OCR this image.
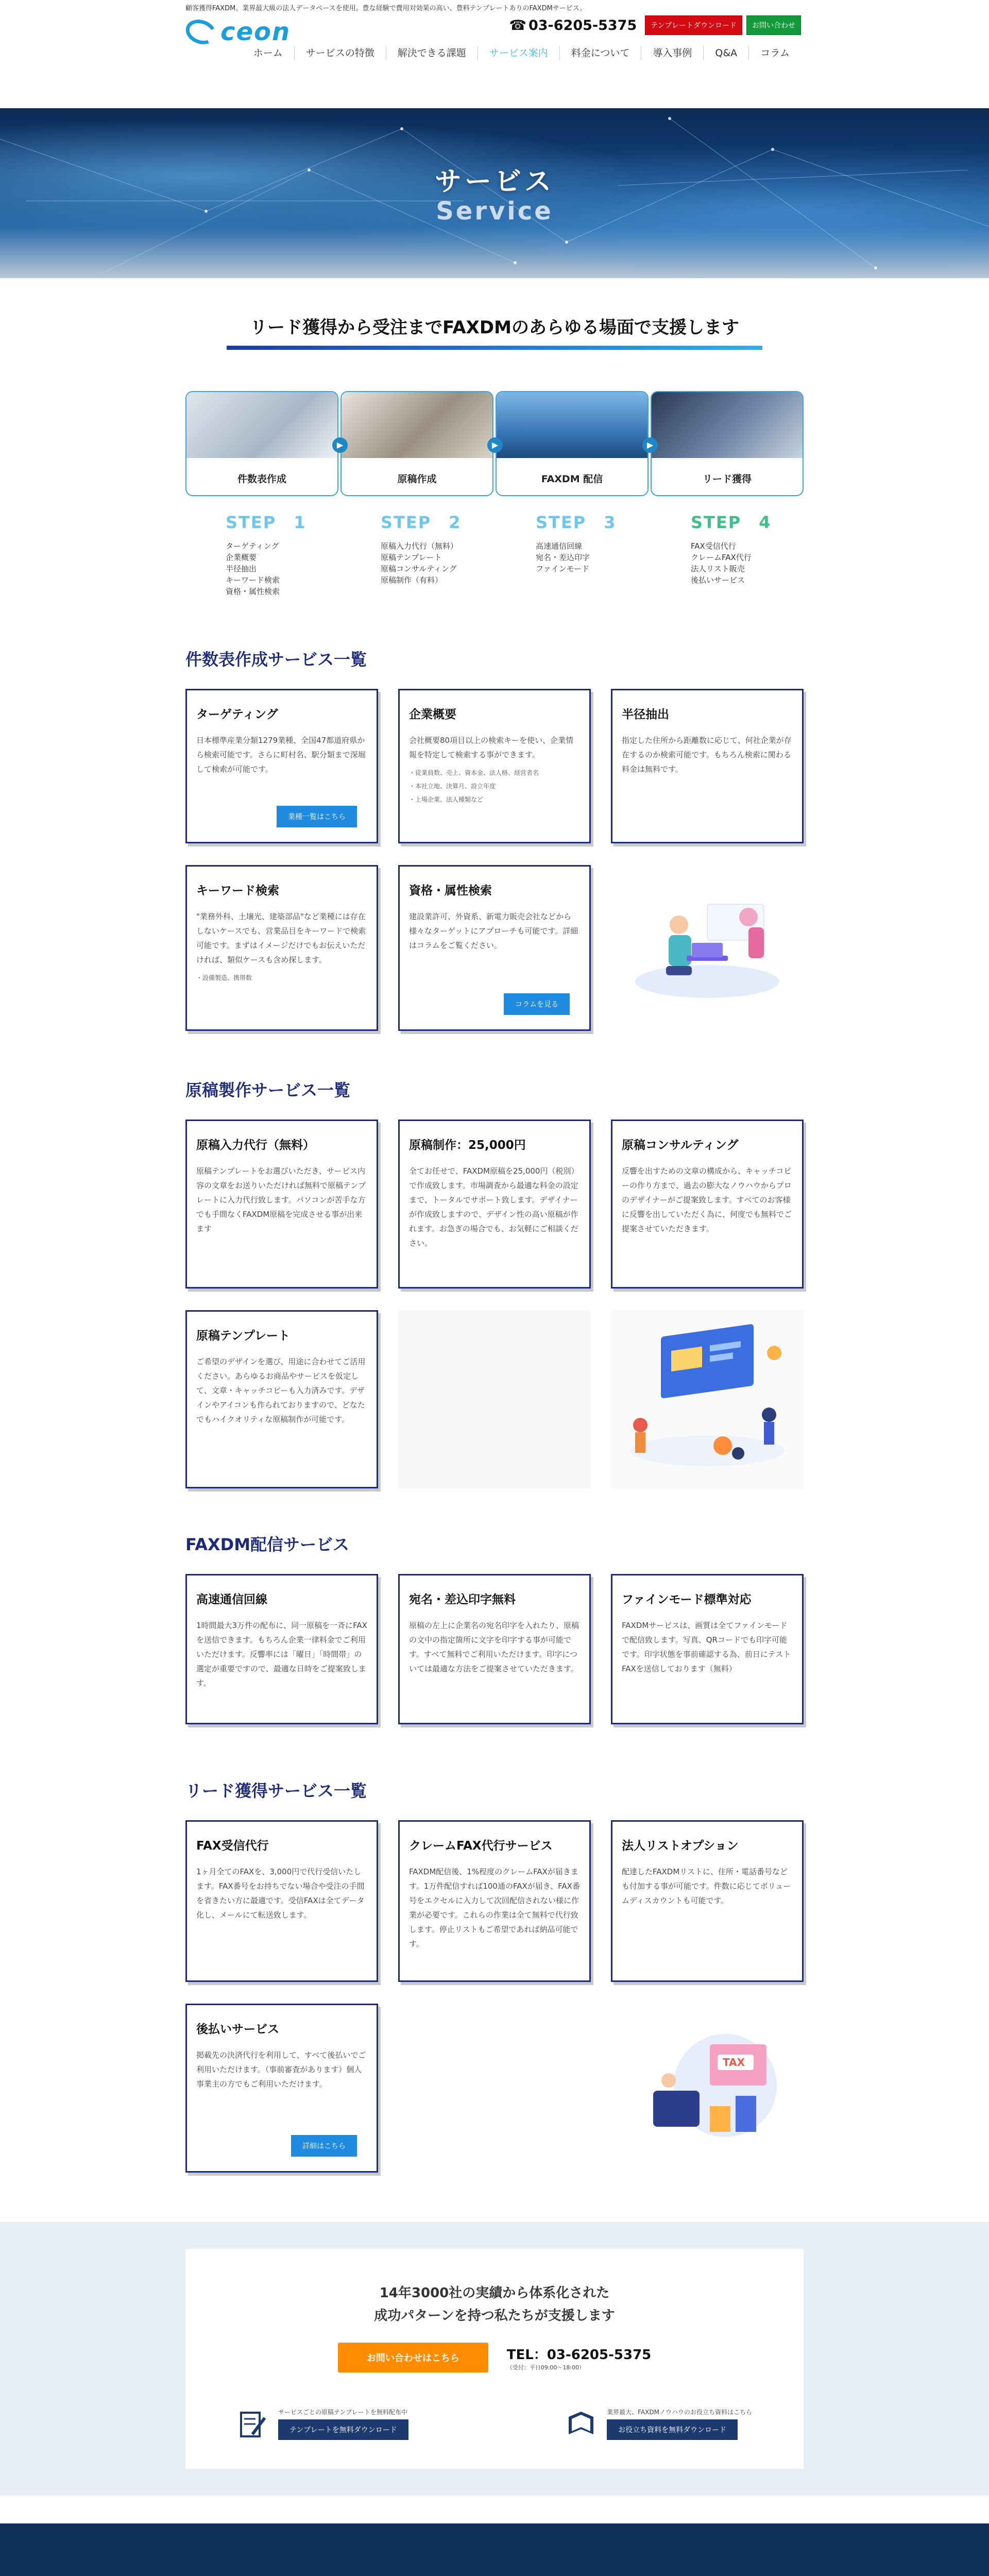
顧客獲得FAXDM。業界最大級の法人データベースを使用。豊な経験で費用対効果の高い、豊料テンプレートありのFAXDMサービス。
ceon	☎ 03-6205-5375	テンプレートダウンロード	お問い合わせ
ホーム	サービスの特徴	解決できる課題	サービス案内	料金について	導入事例	Q&A	コラム
サービス
Service
リード獲得から受注までFAXDMのあらゆる場面で支援します
件数表作成
▶
STEP　1
ターゲティング
企業概要
半径抽出
キーワード検索
資格・属性検索
原稿作成
▶
STEP　2
原稿入力代行（無料）
原稿テンプレート
原稿コンサルティング
原稿制作（有料）
FAXDM 配信
▶
STEP　3
高速通信回線
宛名・差込印字
ファインモード
リード獲得
STEP　4
FAX受信代行
クレームFAX代行
法人リスト販売
後払いサービス
件数表作成サービス一覧
ターゲティング

日本標準産業分類1279業種、全国47都道府県から検索可能です。さらに町村名、駅分類まで深堀して検索が可能です。

業種一覧はこちら
企業概要

会社概要80項目以上の検索キーを使い、企業情報を特定して検索する事ができます。

・従業員数、売上、資本金、法人格、経営者名
・本社立地、決算月、設立年度
・上場企業、法人種類など
半径抽出

指定した住所から距離数に応じて、何社企業が存在するのか検索可能です。もちろん検索に関わる料金は無料です。

キーワード検索

"業務外科、土壌光、建築部品"など業種には存在しないケースでも、営業品目をキーワードで検索可能です。まずはイメージだけでもお伝えいただければ、類似ケースも含め探します。

・設備製造、携帯数
資格・属性検索

建設業許可、外資系、新電力販売会社などから様々なターゲットにアプローチも可能です。詳細はコラムをご覧ください。

コラムを見る
原稿製作サービス一覧
原稿入力代行（無料）

原稿テンプレートをお選びいただき、サービス内容の文章をお送りいただければ無料で原稿テンプレートに入力代行致します。パソコンが苦手な方でも手間なくFAXDM原稿を完成させる事が出来ます

原稿制作：25,000円

全てお任せで、FAXDM原稿を25,000円（税別）で作成致します。市場調査から最適な料金の設定まで、トータルでサポート致します。デザイナーが作成致しますので、デザイン性の高い原稿が作れます。お急ぎの場合でも、お気軽にご相談ください。

原稿コンサルティング

反響を出すための文章の構成から、キャッチコピーの作り方まで、過去の膨大なノウハウからプロのデザイナーがご提案致します。すべてのお客様に反響を出していただく為に、何度でも無料でご提案させていただきます。

原稿テンプレート

ご希望のデザインを選び、用途に合わせてご活用ください。あらゆるお商品やサービスを仮定して、文章・キャッチコピーも入力済みです。デザインやアイコンも作られておりますので、どなたでもハイクオリティな原稿制作が可能です。

FAXDM配信サービス
高速通信回線

1時間最大3万件の配布に、同一原稿を一斉にFAXを送信できます。もちろん企業一律料金でご利用いただけます。反響率には「曜日」「時間帯」の選定が重要ですので、最適な日時をご提案致します。

宛名・差込印字無料

原稿の左上に企業名の宛名印字を入れたり、原稿の文中の指定箇所に文字を印字する事が可能です。すべて無料でご利用いただけます。印字については最適な方法をご提案させていただきます。

ファインモード標準対応

FAXDMサービスは、画質は全てファインモードで配信致します。写真、QRコードでも印字可能です。印字状態を事前確認する為、前日にテストFAXを送信しております（無料）

リード獲得サービス一覧
FAX受信代行

1ヶ月全てのFAXを、3,000円で代行受信いたします。FAX番号をお持ちでない場合や受注の手間を省きたい方に最適です。受信FAXは全てデータ化し、メールにて転送致します。

クレームFAX代行サービス

FAXDM配信後、1%程度のクレームFAXが届きます。1万件配信すれば100通のFAXが届き、FAX番号をエクセルに入力して次回配信されない様に作業が必要です。これらの作業は全て無料で代行致します。停止リストもご希望であれば納品可能です。

法人リストオプション

配達したFAXDMリストに、住所・電話番号なども付加する事が可能です。件数に応じてボリュームディスカウントも可能です。

後払いサービス

掲載先の決済代行を利用して、すべて後払いでご利用いただけます。（事前審査があります）個人事業主の方でもご利用いただけます。

詳細はこちら
TAX
14年3000社の実績から体系化された
成功パターンを持つ私たちが支援します
お問い合わせはこちら	TEL：03-6205-5375
（受付：平日09:00〜18:00）
サービスごとの原稿テンプレートを無料配布中
テンプレートを無料ダウンロード
業界最大、FAXDMノウハウのお役立ち資料はこちら
お役立ち資料を無料ダウンロード
•
•
•
